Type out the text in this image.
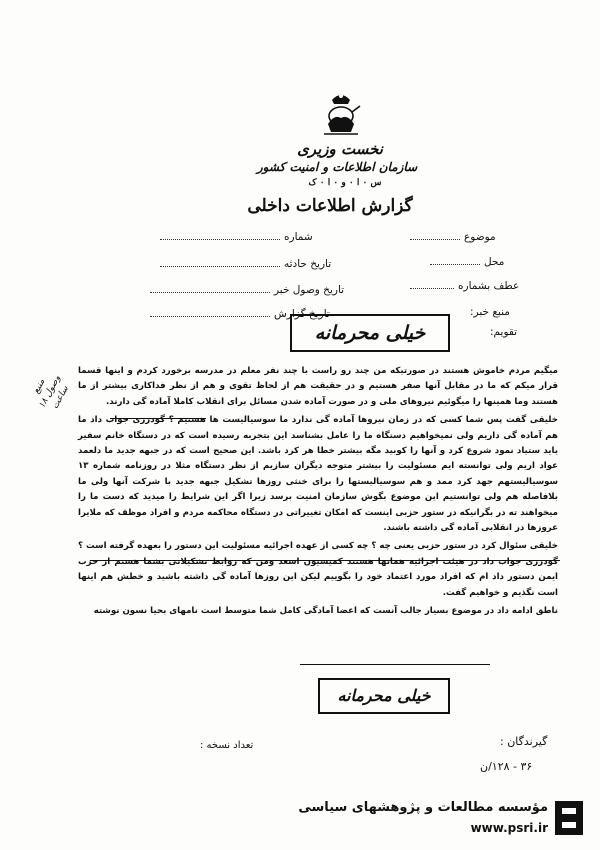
نخست وزیری
سازمان اطلاعات و امنیت کشور
س ۰ ا ۰ و ۰ ا ۰ ک
گزارش اطلاعات داخلی
شماره
تاریخ حادثه
تاریخ وصول خبر
تاریخ گزارش
موضوع
محل
عطف بشماره
منبع خبر:
تقویم:
خیلی محرمانه
منبع وصول ۱۸ ساعت

میگیم مردم خاموش هستند در صورتیکه من چند رو راست با چند نفر معلم در مدرسه برخورد کردم و اینها قسما قرار میکم که ما در مقابل آنها صفر هستیم و در حقیقت هم از لحاظ تقوی و هم از نظر فداکاری بیشتر از ما هستند وما همینها را میگوئیم نیروهای ملی و در صورت آماده شدن مسائل برای انقلاب کاملا آماده گی دارند.

خلیقی گفت پس شما کسی که در زمان نیروها آماده گی ندارد ما سوسیالیست ها هستیم ؟ گودرزی جواب داد ما هم آماده گی داریم ولی نمیخواهیم دستگاه ما را عامل بشناسد این بتجربه رسیده است که در دستگاه خانم سفیر باید ستیاد نمود شروع کرد و آنها را کوبید مگه بیشتر خطا هر کرد باشد. این صحیح است که در جبهه جدید ما دلعمد عواد اریم ولی توانسته ایم مسئولیت را بیشتر متوجه دیگران سازیم از نظر دستگاه مثلا در روزنامه شماره ۱۳ سوسیالیستهم جهد کرد ممد و هم سوسیالیستها را برای خنثی روزها تشکیل جبهه جدید با شرکت آنها ولی ما بلافاصله هم ولی توانستیم این موضوع بگوش سازمان امنیت برسد زیرا اگر این شرایط را میدید که دست ما را میخواهند ته در بگرانیکه در ستور حزبی اینست که امکان تغییراتی در دستگاه محاکمه مردم و افراد موظف که ملایرا عروزها در انقلابی آماده گی داشته باشند.

خلیقی سئوال کرد در ستور حزبی یعنی چه ؟ چه کسی از عهده اجرائیه مسئولیت این دستور را بعهده گرفته است ؟ گودرزی جواب داد در هیئت اجرائیه همانها هستند کمیسیون اسعد ومن که روابط تشکیلاتی بشما هستم از حزب ایمن دستور داد ام که افراد مورد اعتماد خود را بگوییم لیکن این روزها آماده گی داشته باشید و خطش هم اینها است نگذیم و خواهیم گفت.

ناطق ادامه داد در موضوع بسیار جالب آنست که اعضا آمادگی کامل شما متوسط است نامهای بحیا نسون نوشته

خیلی محرمانه
گیرندگان :
تعداد نسخه :
۳۶ - ۱۲۸/ن
مؤسسه مطالعات و پژوهشهای سیاسی
www.psri.ir
